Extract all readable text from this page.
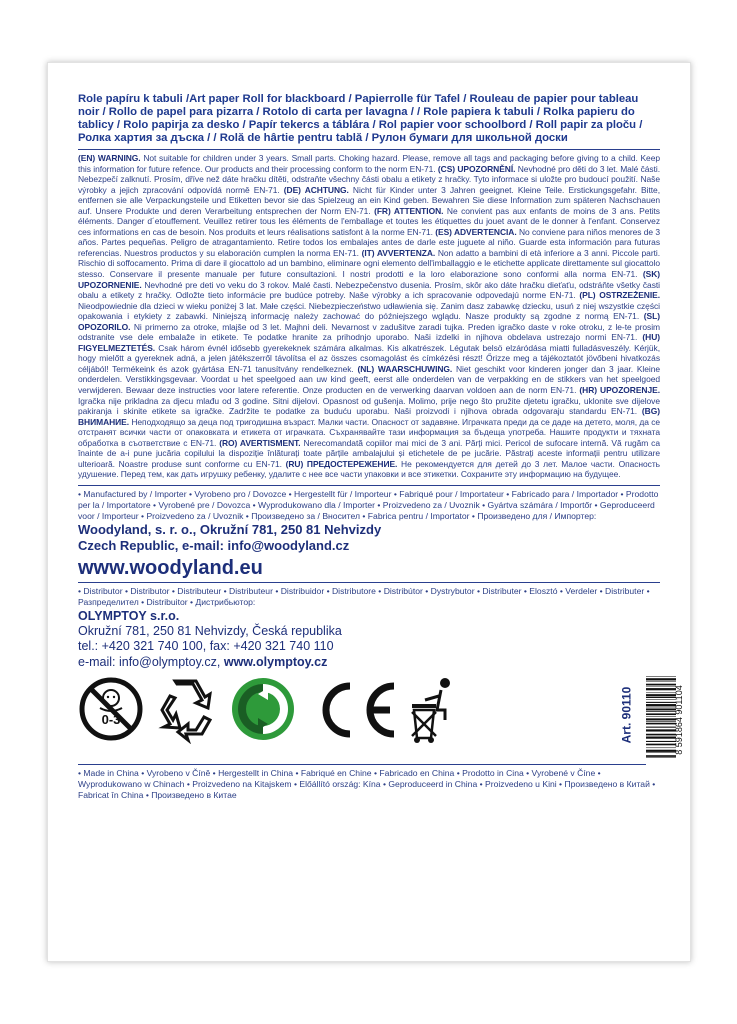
Role papíru k tabuli /Art paper Roll for blackboard / Papierrolle für Tafel / Rouleau de papier pour tableau noir / Rollo de papel para pizarra / Rotolo di carta per lavagna / / Role papiera k tabuli / Rolka papieru do tablicy / Rolo papirja za desko / Papír tekercs a táblára / Rol papier voor schoolbord / Roll papir za ploču / Ролка хартия за дъска / / Rolă de hârtie pentru tablă / Рулон бумаги для школьной доски

(EN) WARNING. Not suitable for children under 3 years. Small parts. Choking hazard. Please, remove all tags and packaging before giving to a child. Keep this information for future refence. Our products and their processing conform to the norm EN-71. (CS) UPOZORNĚNÍ. Nevhodné pro děti do 3 let. Malé části. Nebezpečí zalknutí. Prosím, dříve než dáte hračku dítěti, odstraňte všechny části obalu a etikety z hračky. Tyto informace si uložte pro budoucí použití. Naše výrobky a jejich zpracování odpovídá normě EN-71. (DE) ACHTUNG. Nicht für Kinder unter 3 Jahren geeignet. Kleine Teile. Erstickungsgefahr. Bitte, entfernen sie alle Verpackungsteile und Etiketten bevor sie das Spielzeug an ein Kind geben. Bewahren Sie diese Information zum späteren Nachschauen auf. Unsere Produkte und deren Verarbeitung entsprechen der Norm EN-71. (FR) ATTENTION. Ne convient pas aux enfants de moins de 3 ans. Petits éléments. Danger d´etouffement. Veuillez retirer tous les éléments de l'emballage et toutes les étiquettes du jouet avant de le donner à l'enfant. Conservez ces informations en cas de besoin. Nos produits et leurs réalisations satisfont à la norme EN-71. (ES) ADVERTENCIA. No conviene para niños menores de 3 años. Partes pequeñas. Peligro de atragantamiento. Retire todos los embalajes antes de darle este juguete al niño. Guarde esta información para futuras referencias. Nuestros productos y su elaboración cumplen la norma EN-71. (IT) AVVERTENZA. Non adatto a bambini di età inferiore a 3 anni. Piccole parti. Rischio di soffocamento. Prima di dare il giocattolo ad un bambino, eliminare ogni elemento dell'imballaggio e le etichette applicate direttamente sul giocattolo stesso. Conservare il presente manuale per future consultazioni. I nostri prodotti e la loro elaborazione sono conformi alla norma EN-71. (SK) UPOZORNENIE. Nevhodné pre deti vo veku do 3 rokov. Malé časti. Nebezpečenstvo dusenia. Prosím, skôr ako dáte hračku dieťaťu, odstráňte všetky časti obalu a etikety z hračky. Odložte tieto informácie pre budúce potreby. Naše výrobky a ich spracovanie odpovedajú norme EN-71. (PL) OSTRZEŻENIE. Nieodpowiednie dla dzieci w wieku poniżej 3 lat. Małe części. Niebezpieczeństwo udławienia się. Zanim dasz zabawkę dziecku, usuń z niej wszystkie części opakowania i etykiety z zabawki. Niniejszą informację należy zachować do późniejszego wglądu. Nasze produkty są zgodne z normą EN-71. (SL) OPOZORILO. Ni primerno za otroke, mlajše od 3 let. Majhni deli. Nevarnost v zadušitve zaradi tujka. Preden igračko daste v roke otroku, z le-te prosim odstranite vse dele embalaže in etikete. Te podatke hranite za prihodnjo uporabo. Naši izdelki in njihova obdelava ustrezajo normi EN-71. (HU) FIGYELMEZTETÉS. Csak három évnél idősebb gyerekeknek számára alkalmas. Kis alkatrészek. Légutak belsö elzáródása miatti fulladásveszély. Kérjük, hogy mielőtt a gyereknek adná, a jelen játékszerről távolítsa el az összes csomagolást és címkézési részt! Őrizze meg a tájékoztatót jövőbeni hivatkozás céljából! Termékeink és azok gyártása EN-71 tanusítvány rendelkeznek. (NL) WAARSCHUWING. Niet geschikt voor kinderen jonger dan 3 jaar. Kleine onderdelen. Verstikkingsgevaar. Voordat u het speelgoed aan uw kind geeft, eerst alle onderdelen van de verpakking en de stikkers van het speelgoed verwijderen. Bewaar deze instructies voor latere referentie. Onze producten en de verwerking daarvan voldoen aan de norm EN-71. (HR) UPOZORENJE. Igračka nije prikladna za djecu mlađu od 3 godine. Sitni dijelovi. Opasnost od gušenja. Molimo, prije nego što pružite djetetu igračku, uklonite sve dijelove pakiranja i skinite etikete sa igračke. Zadržite te podatke za buduću uporabu. Naši proizvodi i njihova obrada odgovaraju standardu EN-71. (BG) ВНИМАНИЕ. Неподходящо за деца под тригодишна възраст. Малки части. Опасност от задавяне. Игрaчката преди да се даде на детето, моля, да се отстранят всички части от опаковката и етикета от играчката. Съхранявайте тази информация за бъдеща употреба. Нашите продукти и тяхната обработка в съответствие с EN-71. (RO) AVERTISMENT. Nerecomandată copiilor mai mici de 3 ani. Părți mici. Pericol de sufocare internă. Vă rugăm ca înainte de a-i pune jucăria copilului la dispoziție înlăturați toate părțile ambalajului și etichetele de pe jucărie. Păstrați aceste informații pentru utilizare ulterioară. Noastre produse sunt conforme cu EN-71. (RU) ПРЕДОСТЕРЕЖЕНИЕ. Не рекомендуется для детей до 3 лет. Малое части. Опасность удушение. Перед тем, как дать игрушку ребенку, удалите с нее все части упаковки и все этикетки. Сохраните эту информацию на будущее.

• Manufactured by / Importer • Vyrobeno pro / Dovozce • Hergestellt für / Importeur • Fabriqué pour / Importateur • Fabricado para / Importador • Prodotto per la / Importatore • Vyrobené pre / Dovozca • Wyprodukowano dla / Importer • Proizvedeno za / Uvoznik • Gyártva számára / Importőr • Geproduceerd voor / Importeur • Proizvedeno za / Uvoznik • Произведено за / Вносител • Fabrica pentru / Importator • Произведено для / Импортер:

Woodyland, s. r. o., Okružní 781, 250 81 Nehvizdy

Czech Republic, e-mail: info@woodyland.cz

www.woodyland.eu

• Distributor • Distributor • Distributeur • Distributeur • Distribuidor • Distributore • Distribútor • Dystrybutor • Distributer • Elosztó • Verdeler • Distributer • Разпределител • Distribuitor • Дистрибьютор:

OLYMPTOY s.r.o.

Okružní 781, 250 81 Nehvizdy, Česká republika

tel.: +420 321 740 100, fax: +420 321 740 110

e-mail: info@olymptoy.cz, www.olymptoy.cz

0-3	Art. 90110	8 591864 901104

• Made in China • Vyrobeno v Číně • Hergestellt in China • Fabriqué en Chine • Fabricado en China • Prodotto in Cina • Vyrobené v Číne • Wyprodukowano w Chinach • Proizvedeno na Kitajskem • Előállító ország: Kína • Geproduceerd in China • Proizvedeno u Kini • Произведено в Китай • Fabricat în China • Произведено в Китае
